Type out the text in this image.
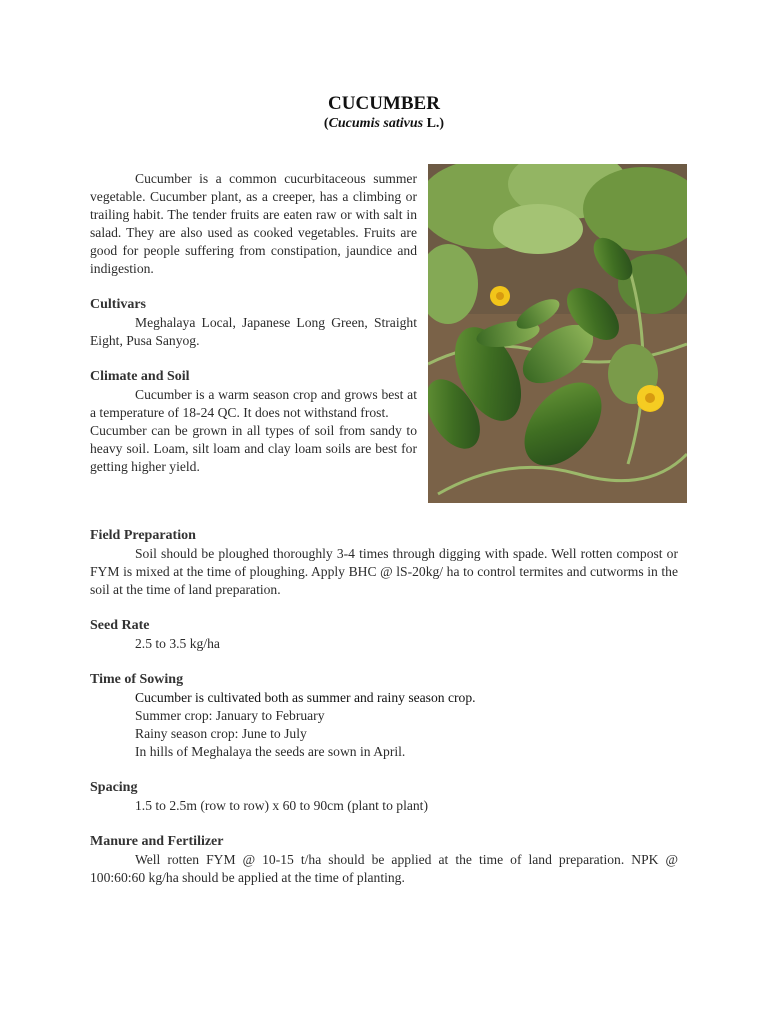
CUCUMBER
(Cucumis sativus L.)

Cucumber is a common cucurbitaceous summer vegetable. Cucumber plant, as a creeper, has a climbing or trailing habit. The tender fruits are eaten raw or with salt in salad. They are also used as cooked vegetables. Fruits are good for people suffering from constipation, jaundice and indigestion.

Cultivars

Meghalaya Local, Japanese Long Green, Straight Eight, Pusa Sanyog.

Climate and Soil

Cucumber is a warm season crop and grows best at a temperature of 18-24 QC. It does not withstand frost.

Cucumber can be grown in all types of soil from sandy to heavy soil. Loam, silt loam and clay loam soils are best for getting higher yield.

Field Preparation

Soil should be ploughed thoroughly 3-4 times through digging with spade. Well rotten compost or FYM is mixed at the time of ploughing. Apply BHC @ lS-20kg/ ha to control termites and cutworms in the soil at the time of land preparation.

Seed Rate

2.5 to 3.5 kg/ha

Time of Sowing

Cucumber is cultivated both as summer and rainy season crop.

Summer crop: January to February

Rainy season crop: June to July

In hills of Meghalaya the seeds are sown in April.

Spacing

1.5 to 2.5m (row to row) x 60 to 90cm (plant to plant)

Manure and Fertilizer

Well rotten FYM @ 10-15 t/ha should be applied at the time of land preparation. NPK @ 100:60:60 kg/ha should be applied at the time of planting.
